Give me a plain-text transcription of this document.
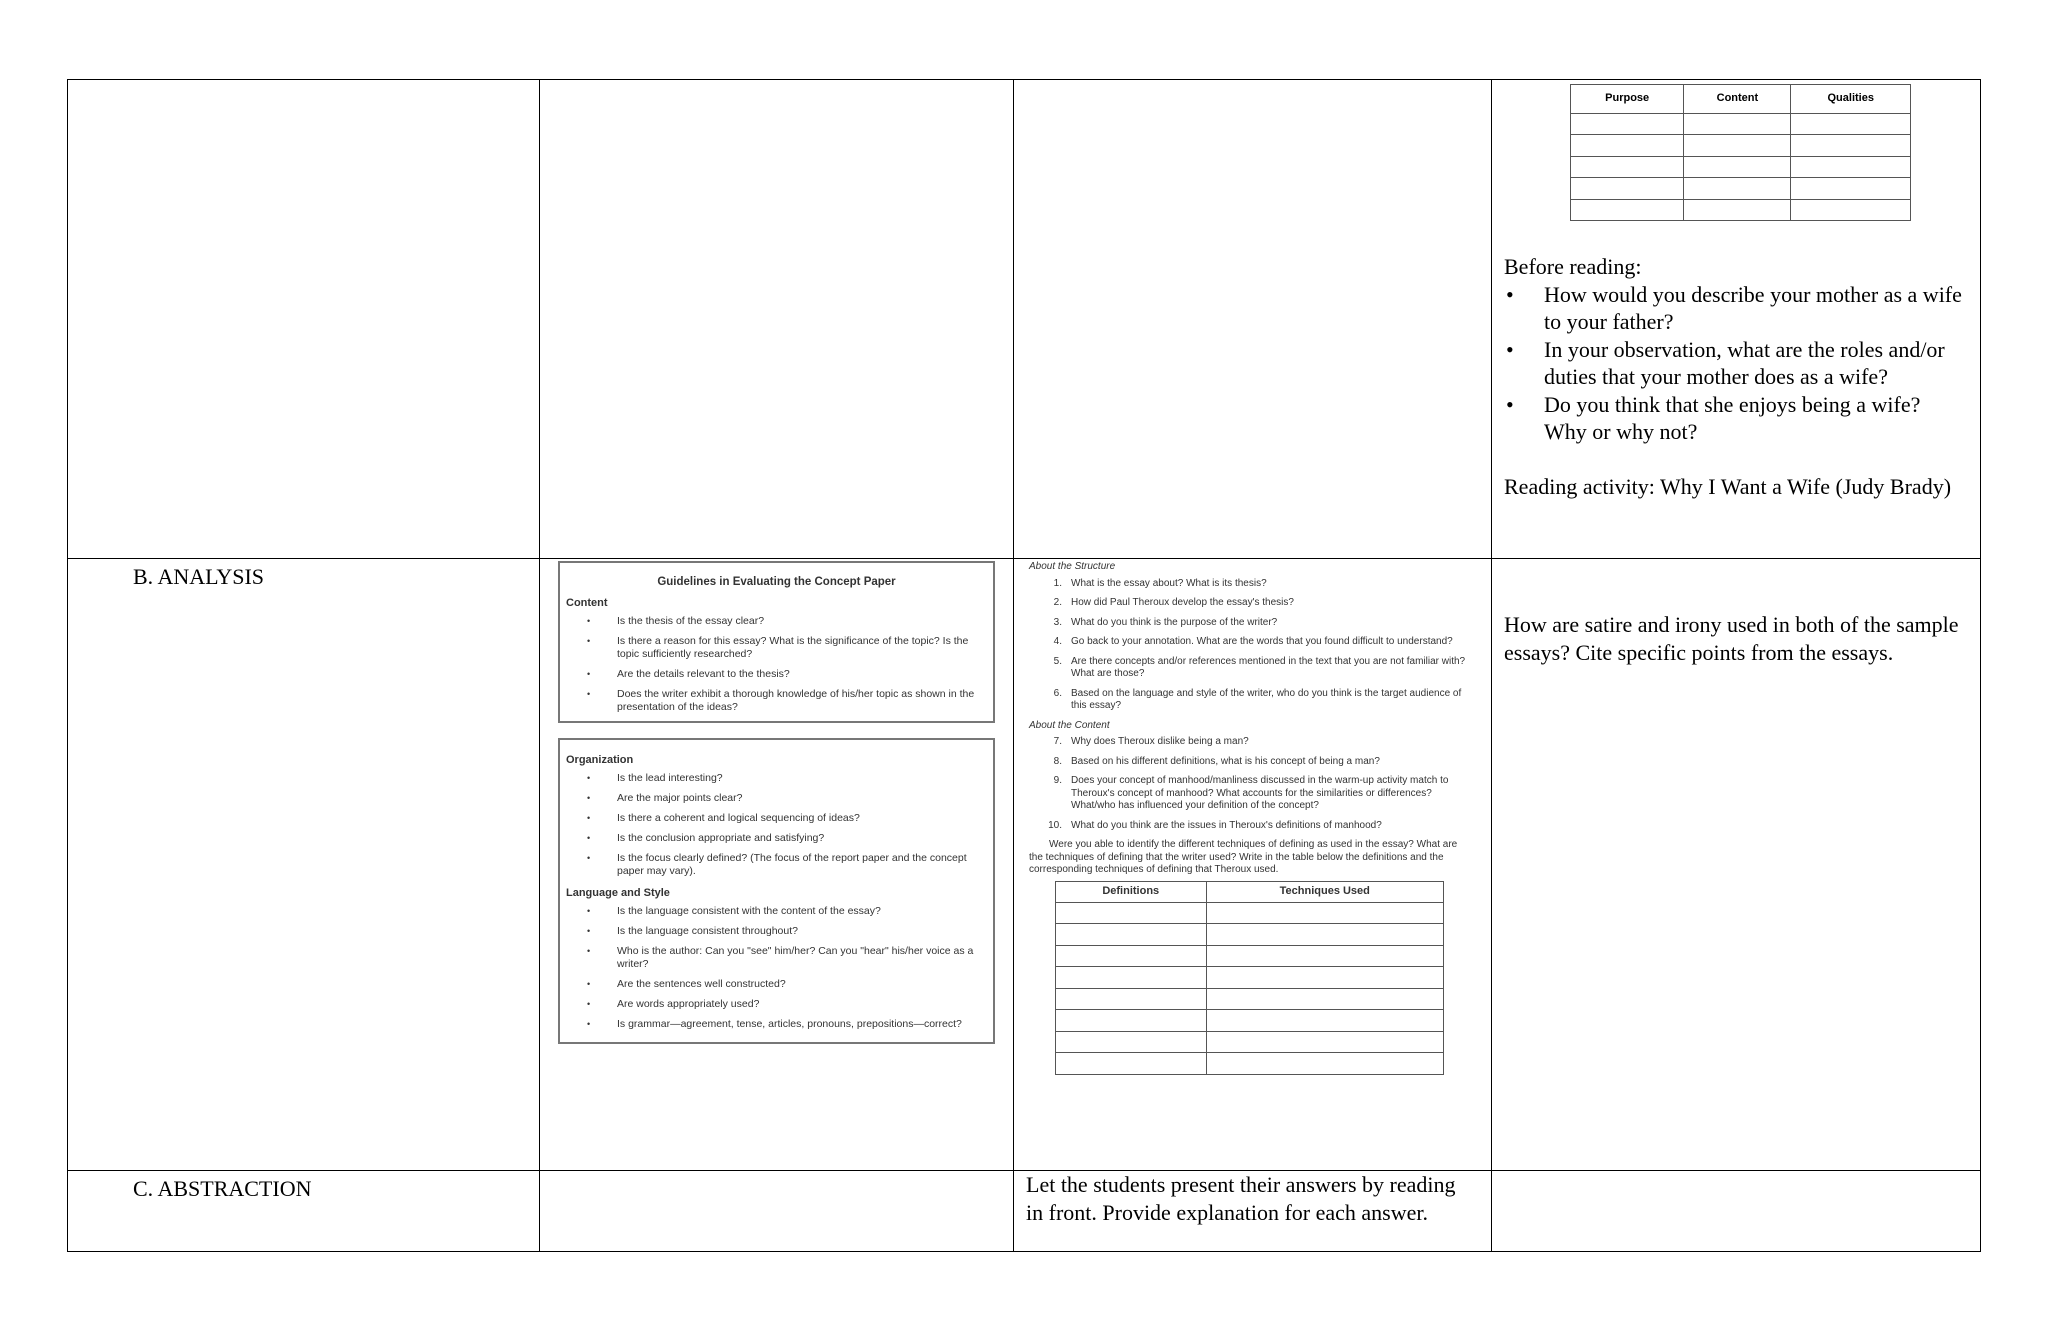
Purpose	Content	Qualities

Before reading:
• How would you describe your mother as a wife to your father?
• In your observation, what are the roles and/or duties that your mother does as a wife?
• Do you think that she enjoys being a wife? Why or why not?
Reading activity: Why I Want a Wife (Judy Brady)

B. ANALYSIS	Guidelines in Evaluating the Concept Paper
Content
• Is the thesis of the essay clear?
• Is there a reason for this essay? What is the significance of the topic? Is the topic sufficiently researched?
• Are the details relevant to the thesis?
• Does the writer exhibit a thorough knowledge of his/her topic as shown in the presentation of the ideas?
Organization
• Is the lead interesting?
• Are the major points clear?
• Is there a coherent and logical sequencing of ideas?
• Is the conclusion appropriate and satisfying?
• Is the focus clearly defined? (The focus of the report paper and the concept paper may vary).
Language and Style
• Is the language consistent with the content of the essay?
• Is the language consistent throughout?
• Who is the author: Can you "see" him/her? Can you "hear" his/her voice as a writer?
• Are the sentences well constructed?
• Are words appropriately used?
• Is grammar—agreement, tense, articles, pronouns, prepositions—correct?

About the Structure
1. What is the essay about? What is its thesis?
2. How did Paul Theroux develop the essay's thesis?
3. What do you think is the purpose of the writer?
4. Go back to your annotation. What are the words that you found difficult to understand?
5. Are there concepts and/or references mentioned in the text that you are not familiar with? What are those?
6. Based on the language and style of the writer, who do you think is the target audience of this essay?
About the Content
7. Why does Theroux dislike being a man?
8. Based on his different definitions, what is his concept of being a man?
9. Does your concept of manhood/manliness discussed in the warm-up activity match to Theroux's concept of manhood? What accounts for the similarities or differences? What/who has influenced your definition of the concept?
10. What do you think are the issues in Theroux's definitions of manhood?
Were you able to identify the different techniques of defining as used in the essay? What are the techniques of defining that the writer used? Write in the table below the definitions and the corresponding techniques of defining that Theroux used.
Definitions	Techniques Used

How are satire and irony used in both of the sample essays? Cite specific points from the essays.

C. ABSTRACTION		Let the students present their answers by reading in front. Provide explanation for each answer.	
